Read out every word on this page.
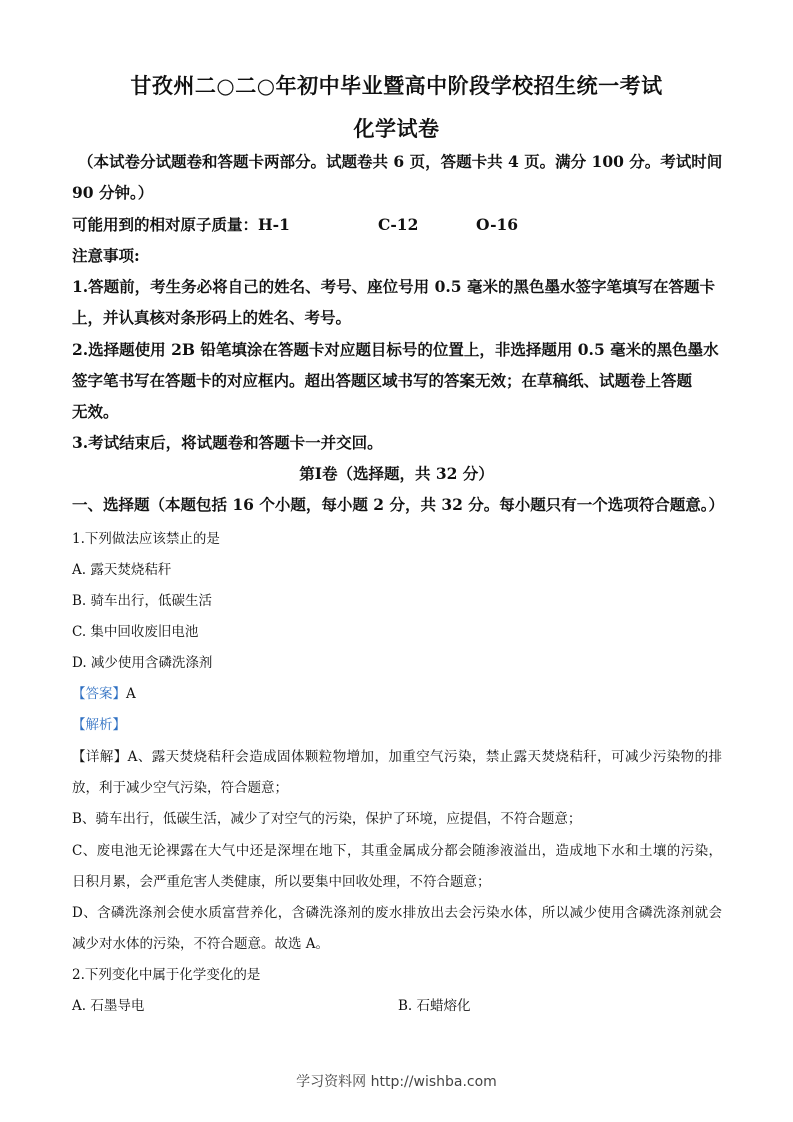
甘孜州二○二○年初中毕业暨高中阶段学校招生统一考试
化学试卷
（本试卷分试题卷和答题卡两部分。试题卷共 6 页，答题卡共 4 页。满分 100 分。考试时间
90 分钟。）
可能用到的相对原子质量：H-1	C-12	O-16
注意事项:
1.答题前，考生务必将自己的姓名、考号、座位号用 0.5 毫米的黑色墨水签字笔填写在答题卡
上，并认真核对条形码上的姓名、考号。
2.选择题使用 2B 铅笔填涂在答题卡对应题目标号的位置上，非选择题用 0.5 毫米的黑色墨水
签字笔书写在答题卡的对应框内。超出答题区域书写的答案无效；在草稿纸、试题卷上答题
无效。
3.考试结束后，将试题卷和答题卡一并交回。
第Ⅰ卷（选择题，共 32 分）
一、选择题（本题包括 16 个小题，每小题 2 分，共 32 分。每小题只有一个选项符合题意。）
1.下列做法应该禁止的是
A. 露天焚烧秸秆
B. 骑车出行，低碳生活
C. 集中回收废旧电池
D. 减少使用含磷洗涤剂
【答案】A
【解析】
【详解】A、露天焚烧秸秆会造成固体颗粒物增加，加重空气污染，禁止露天焚烧秸秆，可减少污染物的排
放，利于减少空气污染，符合题意；
B、骑车出行，低碳生活，减少了对空气的污染，保护了环境，应提倡，不符合题意；
C、废电池无论裸露在大气中还是深埋在地下，其重金属成分都会随渗液溢出，造成地下水和土壤的污染，
日积月累，会严重危害人类健康，所以要集中回收处理，不符合题意；
D、含磷洗涤剂会使水质富营养化，含磷洗涤剂的废水排放出去会污染水体，所以减少使用含磷洗涤剂就会
减少对水体的污染，不符合题意。故选 A。
2.下列变化中属于化学变化的是
A. 石墨导电	B. 石蜡熔化
学习资料网 http://wishba.com
